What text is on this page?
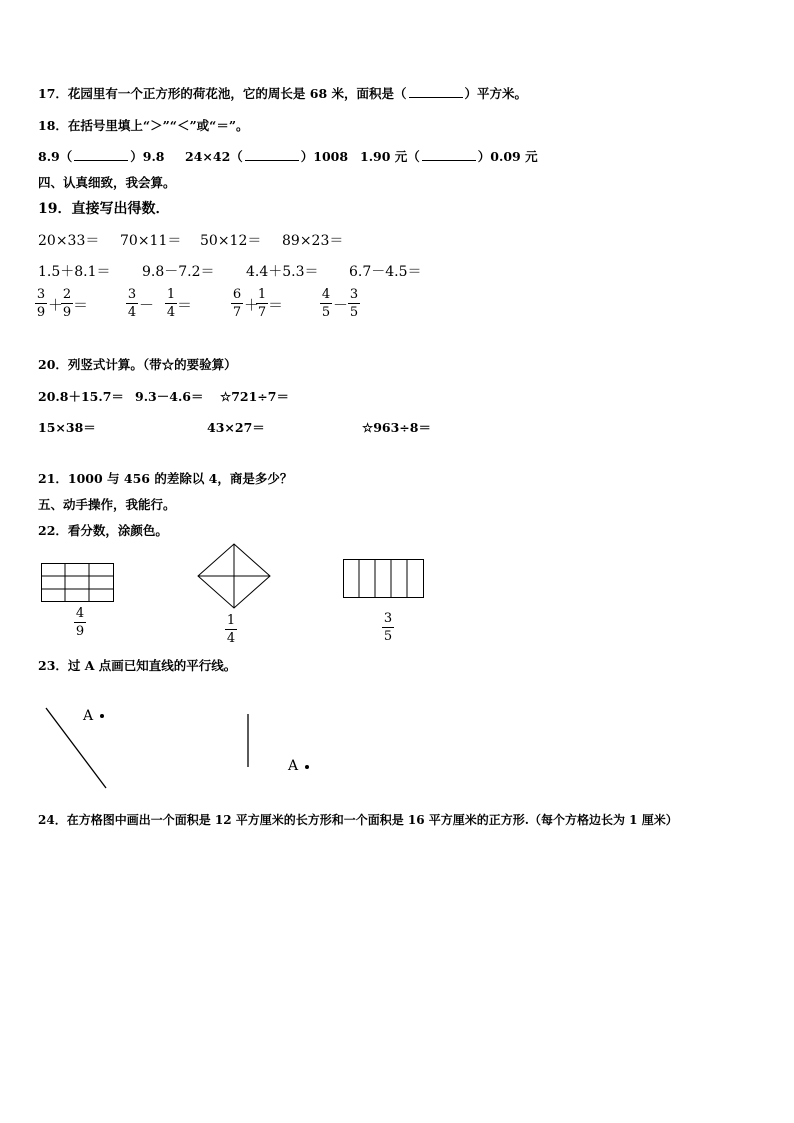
17．花园里有一个正方形的荷花池，它的周长是 68 米，面积是（	）平方米。
18．在括号里填上“＞”“＜”或“＝”。
8.9（	）9.8 24×42（	）1008 1.90 元（	）0.09 元
四、认真细致，我会算。
19．直接写出得数．
20×33＝ 70×11＝ 50×12＝ 89×23＝
1.5＋8.1＝ 9.8－7.2＝ 4.4＋5.3＝ 6.7－4.5＝
3
9 ＋
2
9 ＝
3
4 －
1
4 ＝
6
7 ＋
1
7 ＝
4
5 －
3
5
20．列竖式计算。（带☆的要验算）
20.8＋15.7＝ 9.3－4.6＝ ☆721÷7＝
15×38＝	43×27＝	☆963÷8＝
21．1000 与 456 的差除以 4，商是多少？
五、动手操作，我能行。
22．看分数，涂颜色。
4
9
1
4
3
5
23．过 A 点画已知直线的平行线。
A
A
24．在方格图中画出一个面积是 12 平方厘米的长方形和一个面积是 16 平方厘米的正方形.（每个方格边长为 1 厘米）
